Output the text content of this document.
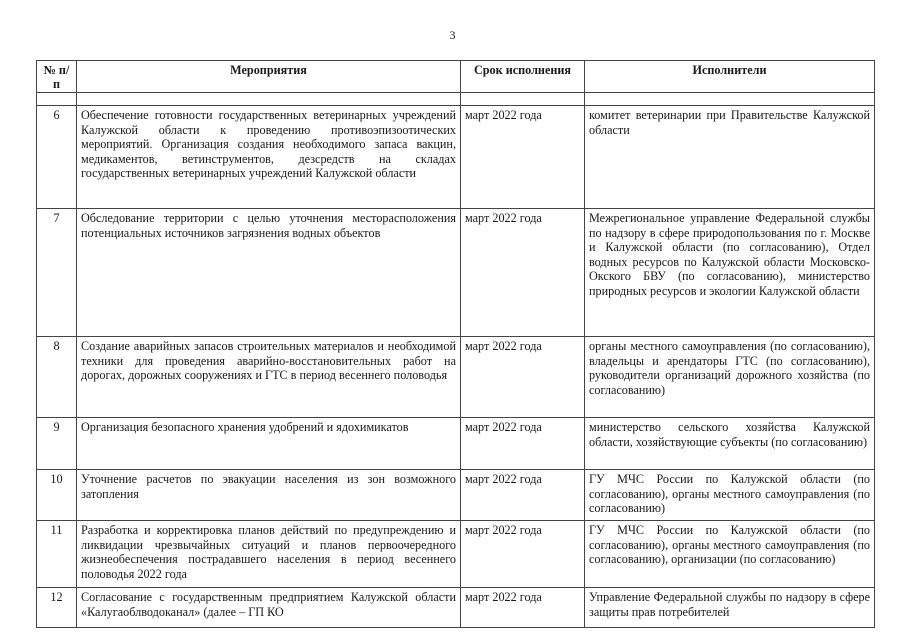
3
№ п/п	Мероприятия	Срок исполнения	Исполнители

6	Обеспечение готовности государственных ветеринарных учреждений Калужской области к проведению противоэпизоотических мероприятий. Организация создания необходимого запаса вакцин, медикаментов, ветинструментов, дезсредств на складах государственных ветеринарных учреждений Калужской области	март 2022 года	комитет ветеринарии при Правительстве Калужской области
7	Обследование территории с целью уточнения месторасположения потенциальных источников загрязнения водных объектов	март 2022 года	Межрегиональное управление Федеральной службы по надзору в сфере природопользования по г. Москве и Калужской области (по согласованию), Отдел водных ресурсов по Калужской области Московско-Окского БВУ (по согласованию), министерство природных ресурсов и экологии Калужской области
8	Создание аварийных запасов строительных материалов и необходимой техники для проведения аварийно-восстановительных работ на дорогах, дорожных сооружениях и ГТС в период весеннего половодья	март 2022 года	органы местного самоуправления (по согласованию), владельцы и арендаторы ГТС (по согласованию), руководители организаций дорожного хозяйства (по согласованию)
9	Организация безопасного хранения удобрений и ядохимикатов	март 2022 года	министерство сельского хозяйства Калужской области, хозяйствующие субъекты (по согласованию)
10	Уточнение расчетов по эвакуации населения из зон возможного затопления	март 2022 года	ГУ МЧС России по Калужской области (по согласованию), органы местного самоуправления (по согласованию)
11	Разработка и корректировка планов действий по предупреждению и ликвидации чрезвычайных ситуаций и планов первоочередного жизнеобеспечения пострадавшего населения в период весеннего половодья 2022 года	март 2022 года	ГУ МЧС России по Калужской области (по согласованию), органы местного самоуправления (по согласованию), организации (по согласованию)
12	Согласование с государственным предприятием Калужской области «Калугаоблводоканал» (далее – ГП КО	март 2022 года	Управление Федеральной службы по надзору в сфере защиты прав потребителей
